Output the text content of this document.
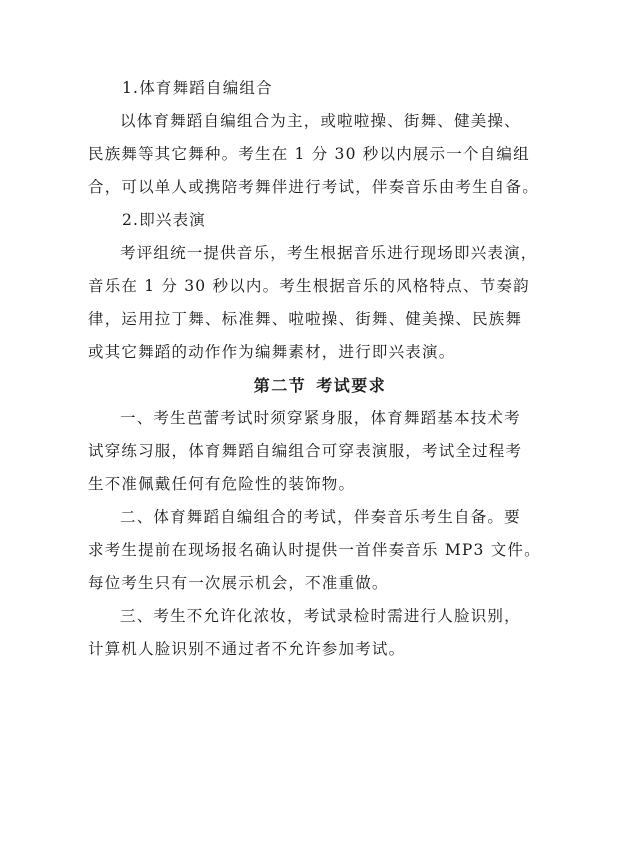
1.体育舞蹈自编组合
以体育舞蹈自编组合为主，或啦啦操、街舞、健美操、
民族舞等其它舞种。考生在 1 分 30 秒以内展示一个自编组
合，可以单人或携陪考舞伴进行考试，伴奏音乐由考生自备。
2.即兴表演
考评组统一提供音乐，考生根据音乐进行现场即兴表演，
音乐在 1 分 30 秒以内。考生根据音乐的风格特点、节奏韵
律，运用拉丁舞、标准舞、啦啦操、街舞、健美操、民族舞
或其它舞蹈的动作作为编舞素材，进行即兴表演。
第二节 考试要求
一、考生芭蕾考试时须穿紧身服，体育舞蹈基本技术考
试穿练习服，体育舞蹈自编组合可穿表演服，考试全过程考
生不准佩戴任何有危险性的装饰物。
二、体育舞蹈自编组合的考试，伴奏音乐考生自备。要
求考生提前在现场报名确认时提供一首伴奏音乐 MP3 文件。
每位考生只有一次展示机会，不准重做。
三、考生不允许化浓妆，考试录检时需进行人脸识别，
计算机人脸识别不通过者不允许参加考试。
